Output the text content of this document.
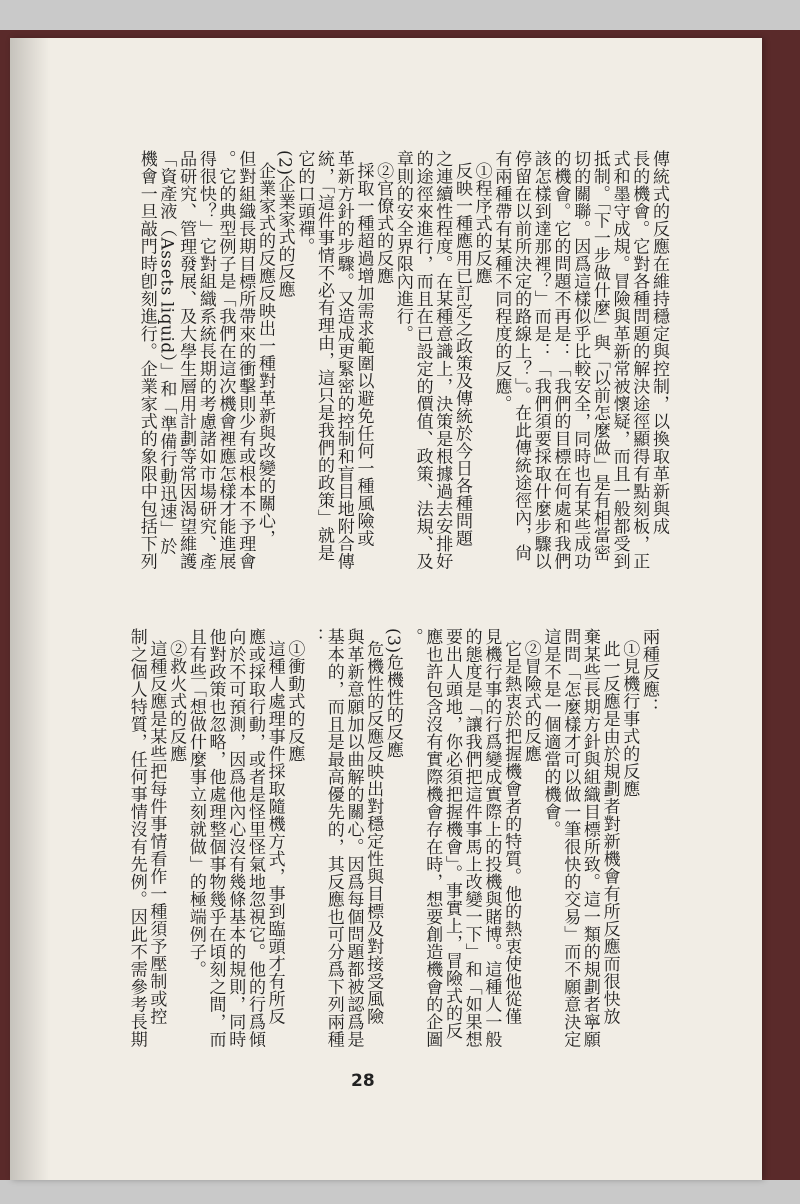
傳統式的反應在維持穩定與控制，以換取革新與成
長的機會。它對各種問題的解決途徑顯得有點刻板，正
式和墨守成規。冒險與革新常被懷疑，而且一般都受到
抵制。「下一步做什麼」與「以前怎麼做」是有相當密
切的關聯。因爲這樣似乎比較安全，同時也有某些成功
的機會。它的問題不再是：「我們的目標在何處和我們
該怎樣到達那裡？」而是：「我們須要採取什麼步驟以
停留在以前所決定的路線上？」。在此傳統途徑內，尙
有兩種帶有某種不同程度的反應。
①程序式的反應
反映一種應用已訂定之政策及傳統於今日各種問題
之連續性程度。在某種意識上，決策是根據過去安排好
的途徑來進行，而且在已設定的價值、政策、法規、及
章則的安全界限內進行。
②官僚式的反應
採取一種超過增加需求範圍以避免任何一種風險或
革新方針的步驟。又造成更緊密的控制和盲目地附合傳
統，「這件事情不必有理由，這只是我們的政策」就是
它的口頭禪。
(2)企業家式的反應
企業家式的反應反映出一種對革新與改變的關心，
但對組織長期目標所帶來的衝擊則少有或根本不予理會
。它的典型例子是「我們在這次機會裡應怎樣才能進展
得很快？」它對組織系統長期的考慮諸如市場研究、產
品研究、管理發展、及大學生層用計劃等常因渴望維護
「資產液（Assets liquid）」和「準備行動迅速」於
機會一旦敲門時卽刻進行。企業家式的象限中包括下列
兩種反應：
①見機行事式的反應
此一反應是由於規劃者對新機會有所反應而很快放
棄某些長期方針與組織目標所致。這一類的規劃者寧願
問問「怎麼樣才可以做一筆很快的交易」而不願意決定
這是不是一個適當的機會。
②冒險式的反應
它是熱衷於把握機會者的特質。他的熱衷使他從僅
見機行事的行爲變成實際上的投機與賭博。這種人一般
的態度是「讓我們把這件事馬上改變一下」和「如果想
要出人頭地，你必須把握機會」。事實上，冒險式的反
應也許包含沒有實際機會存在時，想要創造機會的企圖
。
(3)危機性的反應
危機性的反應反映出對穩定性與目標及對接受風險
與革新意願加以曲解的關心。因爲每個問題都被認爲是
基本的，而且是最高優先的，其反應也可分爲下列兩種
：
①衝動式的反應
這種人處理事件採取隨機方式，事到臨頭才有所反
應或採取行動，或者是怪里怪氣地忽視它。他的行爲傾
向於不可預測，因爲他內心沒有幾條基本的規則，同時
他對政策也忽略，他處理整個事物幾乎在頃刻之間，而
且有些「想做什麼事立刻就做」的極端例子。
②救火式的反應
這種反應是某些把每件事情看作一種須予壓制或控
制之個人特質，任何事情沒有先例。因此不需參考長期
28
